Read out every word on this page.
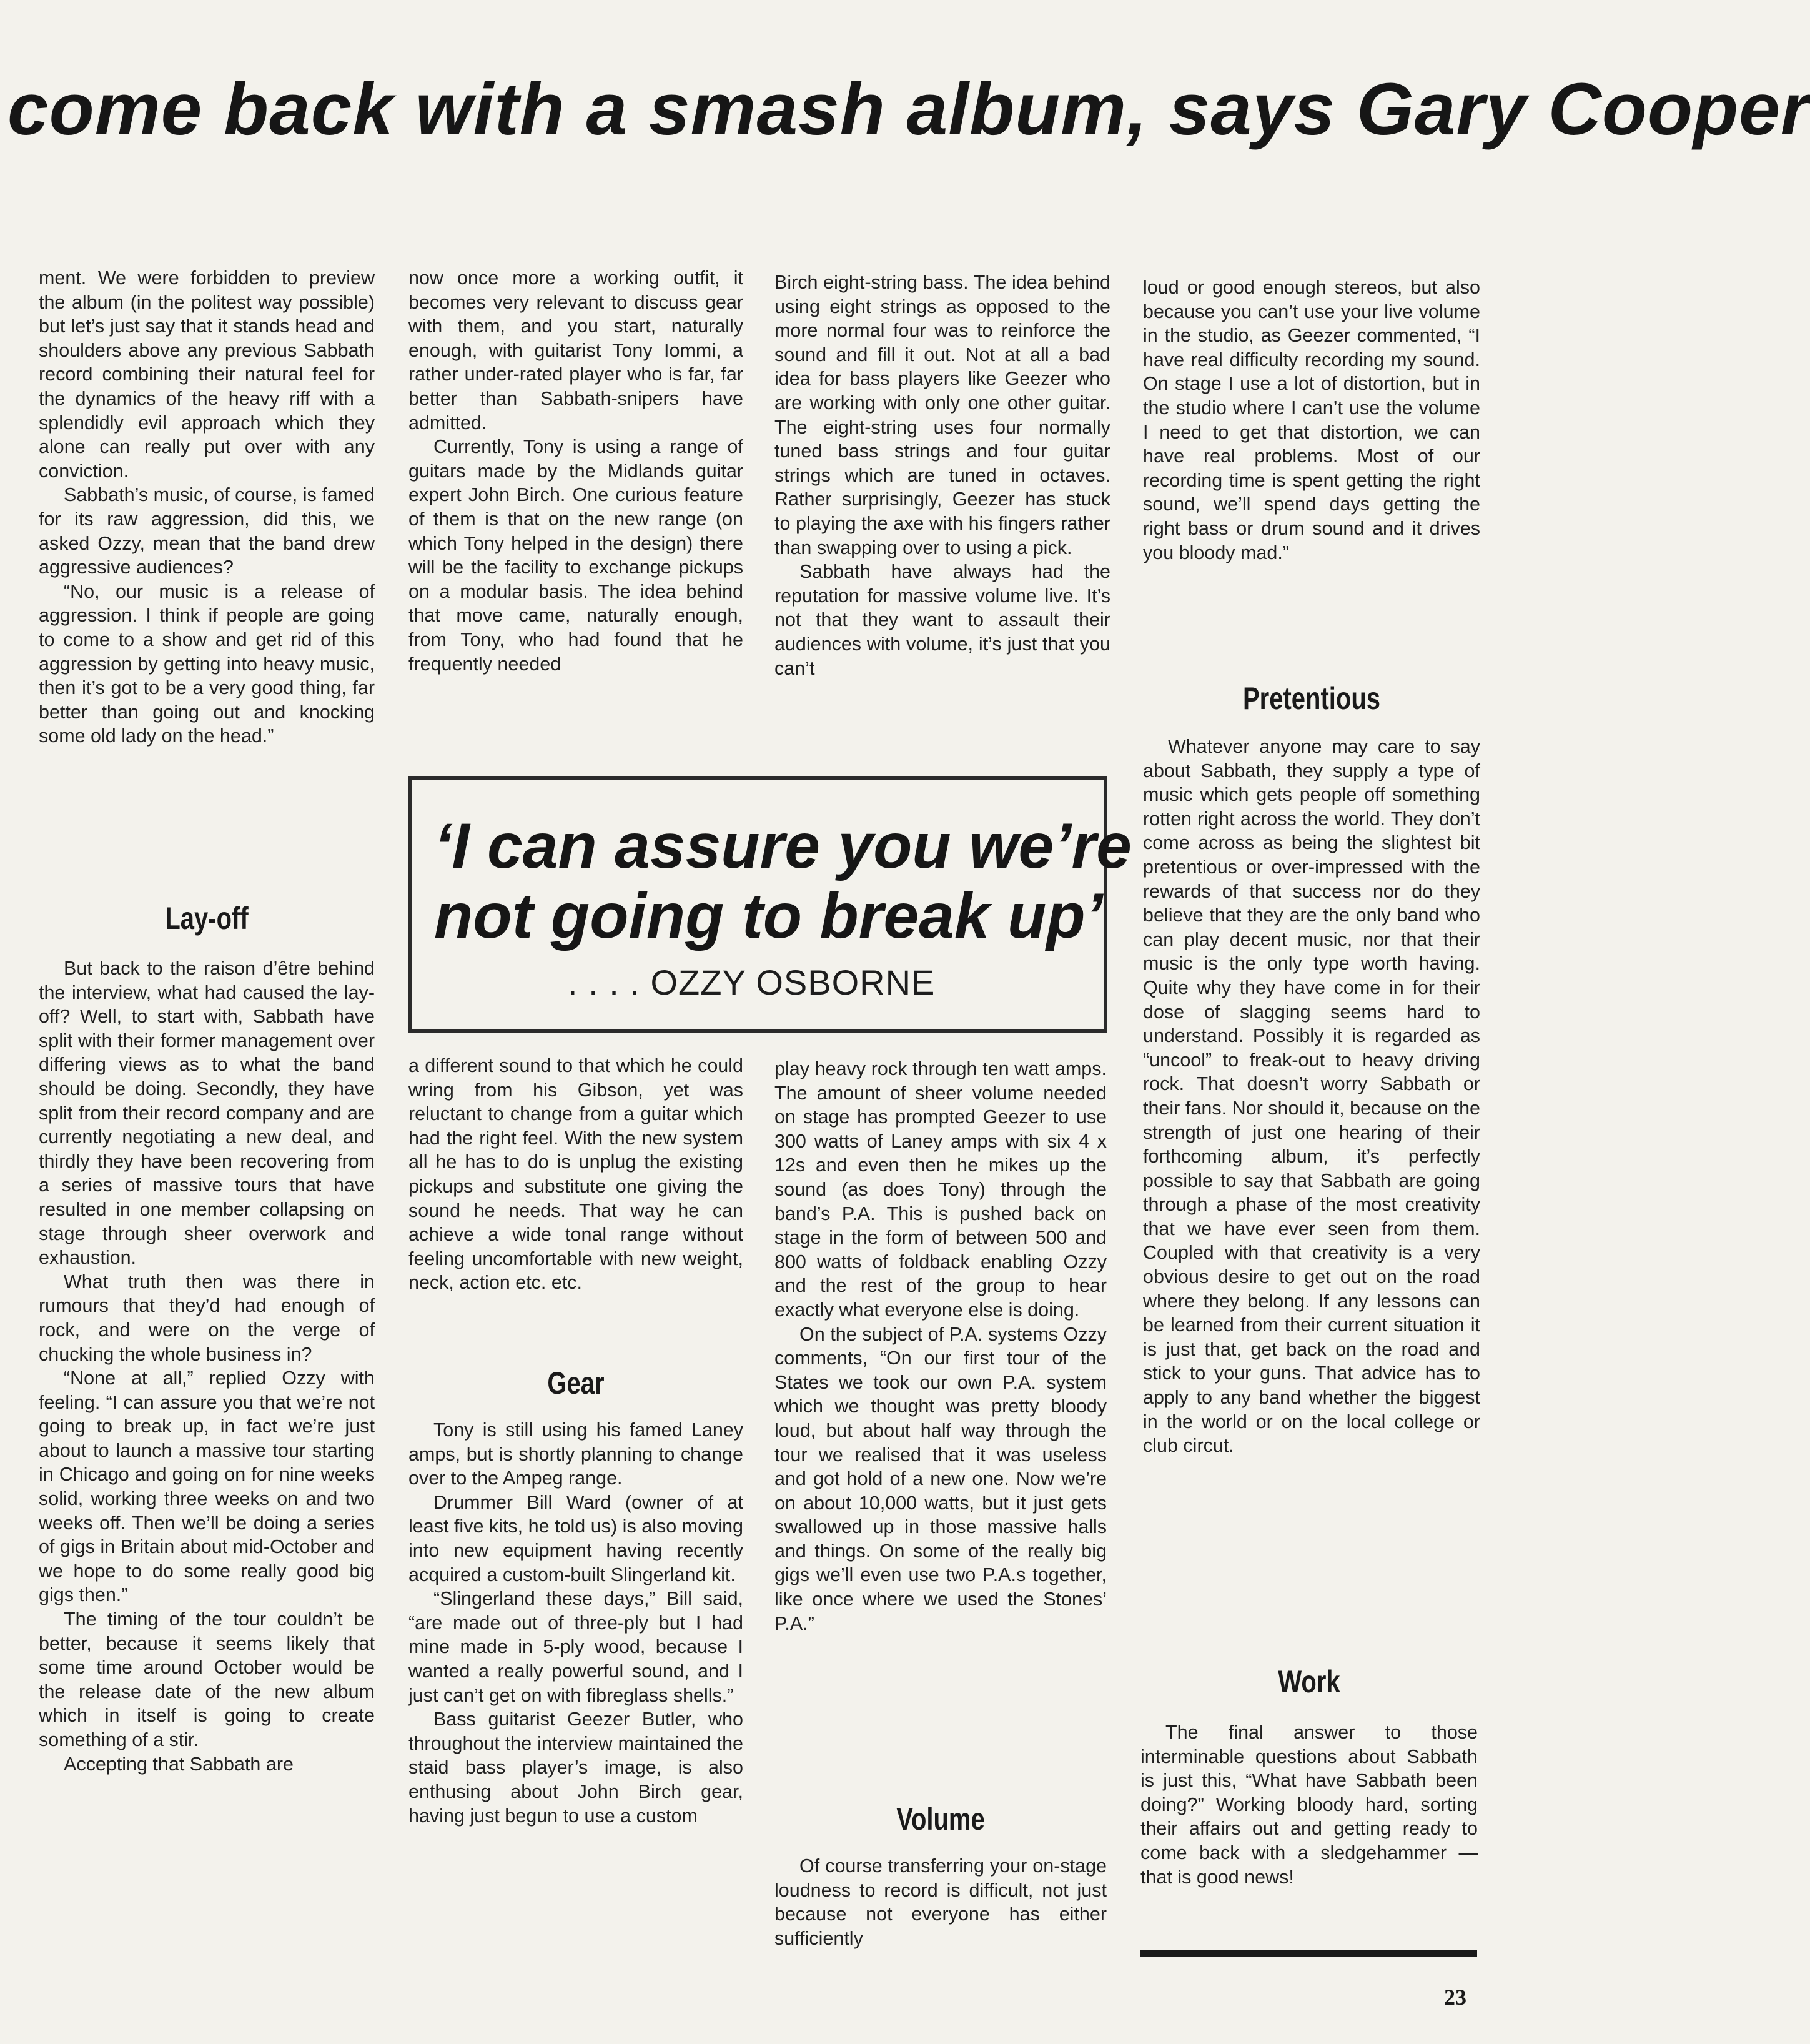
come back with a smash album, says Gary Cooper

ment. We were forbidden to preview the album (in the politest way possible) but let’s just say that it stands head and shoulders above any previous Sabbath record combining their natural feel for the dynamics of the heavy riff with a splendidly evil approach which they alone can really put over with any conviction.

Sabbath’s music, of course, is famed for its raw aggression, did this, we asked Ozzy, mean that the band drew aggressive audiences?

“No, our music is a release of aggression. I think if people are going to come to a show and get rid of this aggression by getting into heavy music, then it’s got to be a very good thing, far better than going out and knocking some old lady on the head.”

Lay-off

But back to the raison d’être behind the interview, what had caused the lay-off? Well, to start with, Sabbath have split with their former management over differing views as to what the band should be doing. Secondly, they have split from their record company and are currently negotiating a new deal, and thirdly they have been recovering from a series of massive tours that have resulted in one member collapsing on stage through sheer overwork and exhaustion.

What truth then was there in rumours that they’d had enough of rock, and were on the verge of chucking the whole business in?

“None at all,” replied Ozzy with feeling. “I can assure you that we’re not going to break up, in fact we’re just about to launch a massive tour starting in Chicago and going on for nine weeks solid, working three weeks on and two weeks off. Then we’ll be doing a series of gigs in Britain about mid-October and we hope to do some really good big gigs then.”

The timing of the tour couldn’t be better, because it seems likely that some time around October would be the release date of the new album which in itself is going to create something of a stir.

Accepting that Sabbath are

now once more a working outfit, it becomes very relevant to discuss gear with them, and you start, naturally enough, with guitarist Tony Iommi, a rather under-rated player who is far, far better than Sabbath-snipers have admitted.

Currently, Tony is using a range of guitars made by the Midlands guitar expert John Birch. One curious feature of them is that on the new range (on which Tony helped in the design) there will be the facility to exchange pickups on a modular basis. The idea behind that move came, naturally enough, from Tony, who had found that he frequently needed

‘I can assure you we’re
not going to break up’

. . . . OZZY OSBORNE

a different sound to that which he could wring from his Gibson, yet was reluctant to change from a guitar which had the right feel. With the new system all he has to do is unplug the existing pickups and substitute one giving the sound he needs. That way he can achieve a wide tonal range without feeling uncomfortable with new weight, neck, action etc. etc.

Gear

Tony is still using his famed Laney amps, but is shortly planning to change over to the Ampeg range.

Drummer Bill Ward (owner of at least five kits, he told us) is also moving into new equipment having recently acquired a custom-built Slingerland kit.

“Slingerland these days,” Bill said, “are made out of three-ply but I had mine made in 5-ply wood, because I wanted a really powerful sound, and I just can’t get on with fibreglass shells.”

Bass guitarist Geezer Butler, who throughout the interview maintained the staid bass player’s image, is also enthusing about John Birch gear, having just begun to use a custom

Birch eight-string bass. The idea behind using eight strings as opposed to the more normal four was to reinforce the sound and fill it out. Not at all a bad idea for bass players like Geezer who are working with only one other guitar. The eight-string uses four normally tuned bass strings and four guitar strings which are tuned in octaves. Rather surprisingly, Geezer has stuck to playing the axe with his fingers rather than swapping over to using a pick.

Sabbath have always had the reputation for massive volume live. It’s not that they want to assault their audiences with volume, it’s just that you can’t

play heavy rock through ten watt amps. The amount of sheer volume needed on stage has prompted Geezer to use 300 watts of Laney amps with six 4 x 12s and even then he mikes up the sound (as does Tony) through the band’s P.A. This is pushed back on stage in the form of between 500 and 800 watts of foldback enabling Ozzy and the rest of the group to hear exactly what everyone else is doing.

On the subject of P.A. systems Ozzy comments, “On our first tour of the States we took our own P.A. system which we thought was pretty bloody loud, but about half way through the tour we realised that it was useless and got hold of a new one. Now we’re on about 10,000 watts, but it just gets swallowed up in those massive halls and things. On some of the really big gigs we’ll even use two P.A.s together, like once where we used the Stones’ P.A.”

Volume

Of course transferring your on-stage loudness to record is difficult, not just because not everyone has either sufficiently

loud or good enough stereos, but also because you can’t use your live volume in the studio, as Geezer commented, “I have real difficulty recording my sound. On stage I use a lot of distortion, but in the studio where I can’t use the volume I need to get that distortion, we can have real problems. Most of our recording time is spent getting the right sound, we’ll spend days getting the right bass or drum sound and it drives you bloody mad.”

Pretentious

Whatever anyone may care to say about Sabbath, they supply a type of music which gets people off something rotten right across the world. They don’t come across as being the slightest bit pretentious or over-impressed with the rewards of that success nor do they believe that they are the only band who can play decent music, nor that their music is the only type worth having. Quite why they have come in for their dose of slagging seems hard to understand. Possibly it is regarded as “uncool” to freak-out to heavy driving rock. That doesn’t worry Sabbath or their fans. Nor should it, because on the strength of just one hearing of their forthcoming album, it’s perfectly possible to say that Sabbath are going through a phase of the most creativity that we have ever seen from them. Coupled with that creativity is a very obvious desire to get out on the road where they belong. If any lessons can be learned from their current situation it is just that, get back on the road and stick to your guns. That advice has to apply to any band whether the biggest in the world or on the local college or club circut.

Work

The final answer to those interminable questions about Sabbath is just this, “What have Sabbath been doing?” Working bloody hard, sorting their affairs out and getting ready to come back with a sledgehammer — that is good news!

23
